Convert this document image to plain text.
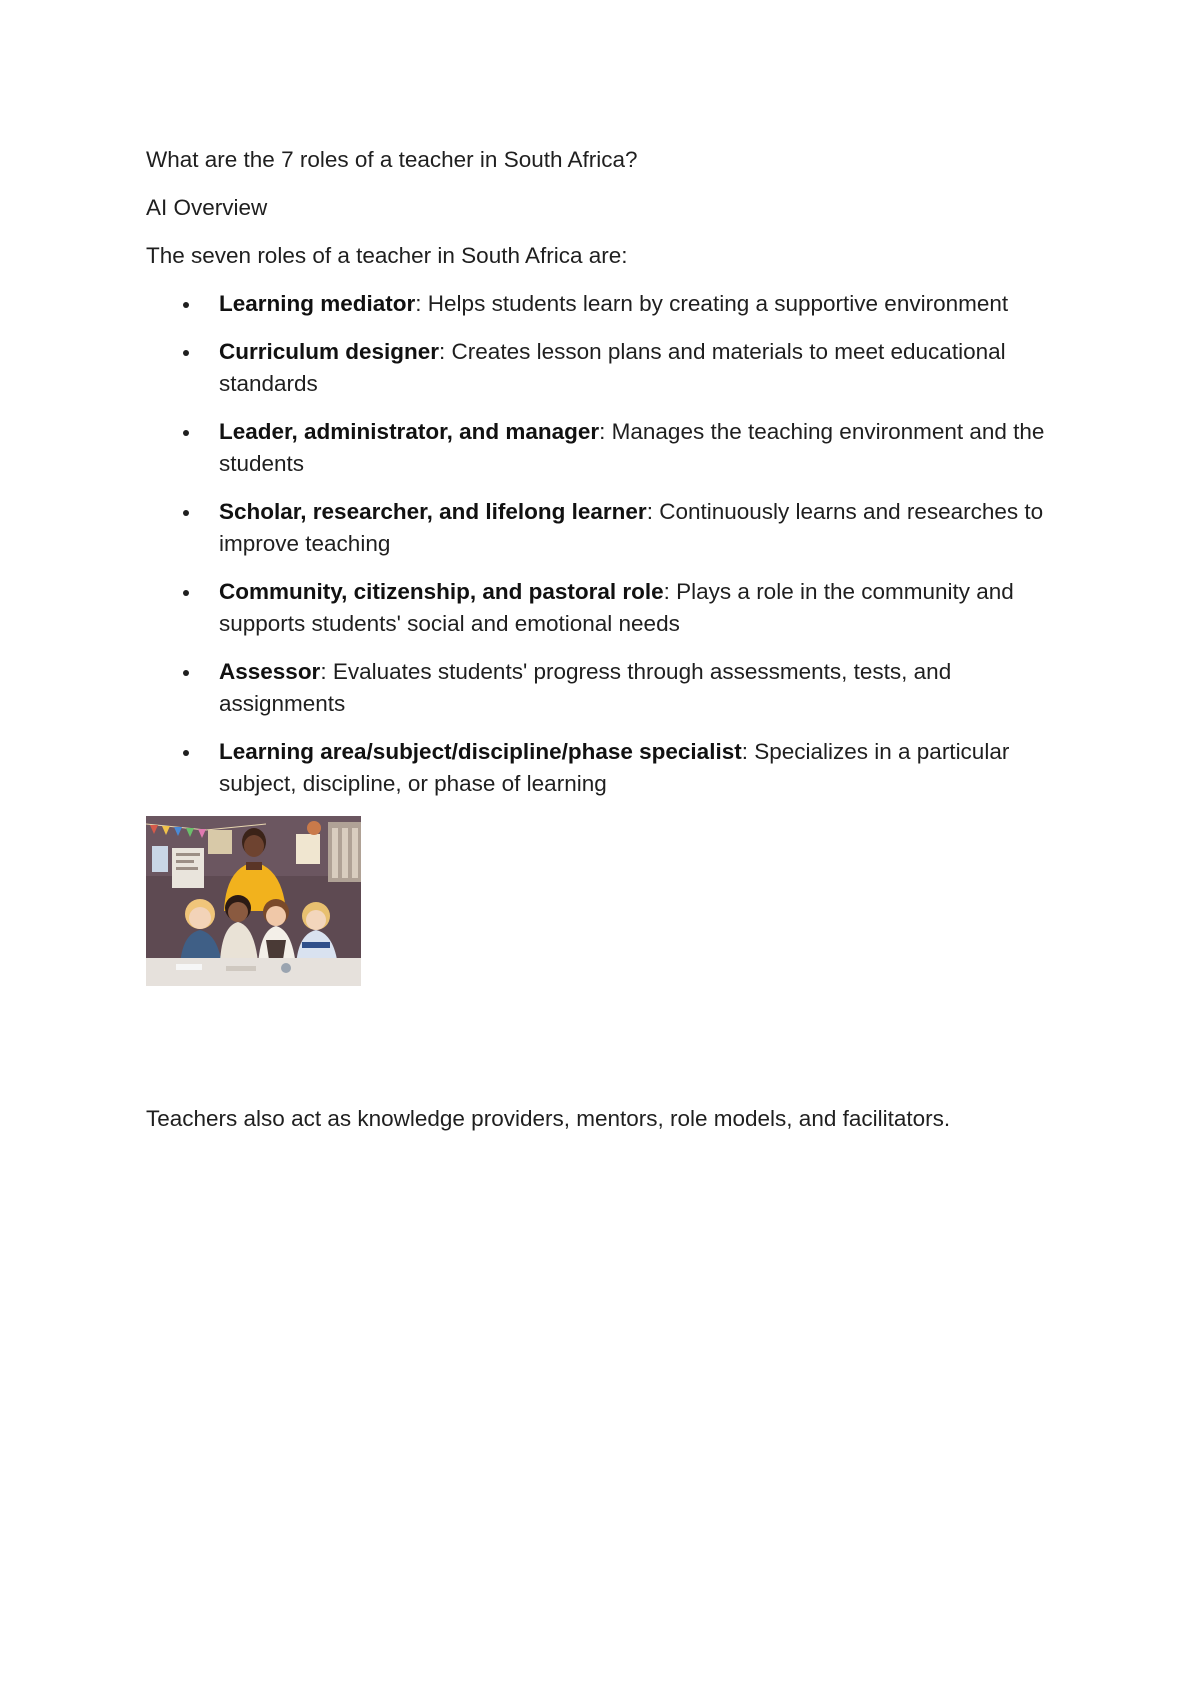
What are the 7 roles of a teacher in South Africa?

AI Overview

The seven roles of a teacher in South Africa are:

Learning mediator: Helps students learn by creating a supportive environment
Curriculum designer: Creates lesson plans and materials to meet educational standards
Leader, administrator, and manager: Manages the teaching environment and the students
Scholar, researcher, and lifelong learner: Continuously learns and researches to improve teaching
Community, citizenship, and pastoral role: Plays a role in the community and supports students' social and emotional needs
Assessor: Evaluates students' progress through assessments, tests, and assignments
Learning area/subject/discipline/phase specialist: Specializes in a particular subject, discipline, or phase of learning

Teachers also act as knowledge providers, mentors, role models, and facilitators.
